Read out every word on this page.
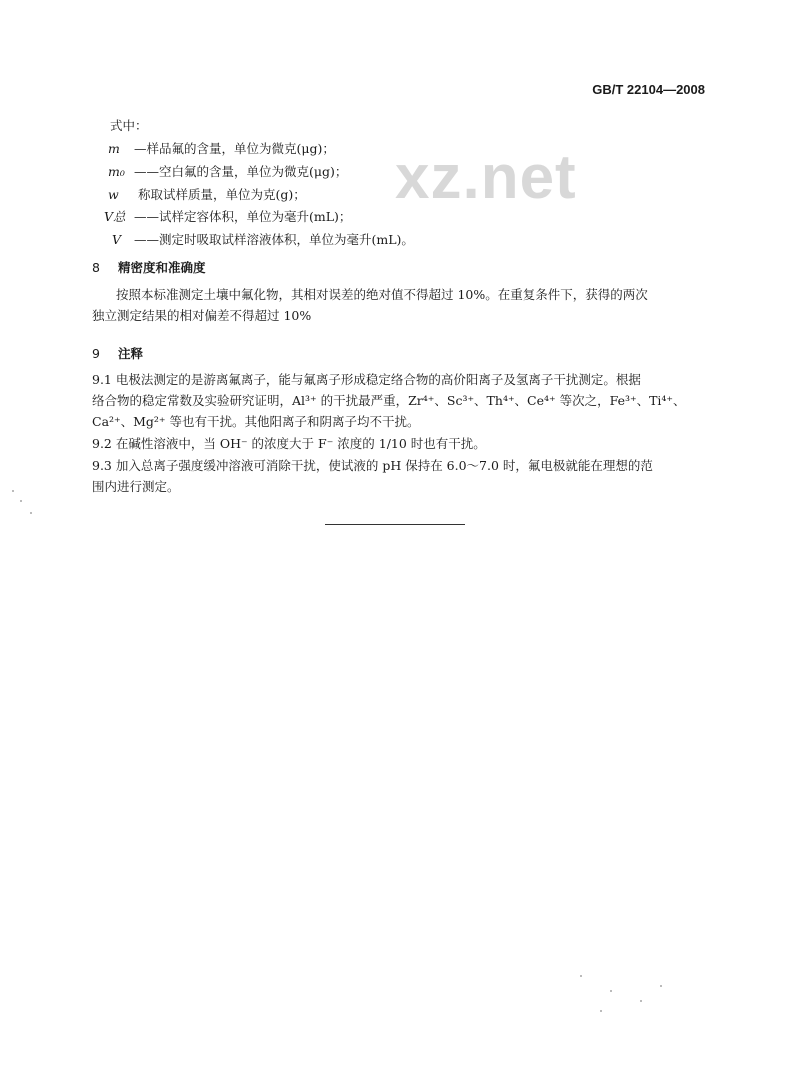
GB/T 22104—2008
xz.net
式中：
m —样品氟的含量，单位为微克(μg)；
m₀ ——空白氟的含量，单位为微克(μg)；
w 称取试样质量，单位为克(g)；
V总 ——试样定容体积，单位为毫升(mL)；
V ——测定时吸取试样溶液体积，单位为毫升(mL)。
8 精密度和准确度
按照本标准测定土壤中氟化物，其相对误差的绝对值不得超过 10%。在重复条件下，获得的两次
独立测定结果的相对偏差不得超过 10%
9 注释
9.1 电极法测定的是游离氟离子，能与氟离子形成稳定络合物的高价阳离子及氢离子干扰测定。根据
络合物的稳定常数及实验研究证明，Al³⁺ 的干扰最严重，Zr⁴⁺、Sc³⁺、Th⁴⁺、Ce⁴⁺ 等次之，Fe³⁺、Ti⁴⁺、
Ca²⁺、Mg²⁺ 等也有干扰。其他阳离子和阴离子均不干扰。
9.2 在碱性溶液中，当 OH⁻ 的浓度大于 F⁻ 浓度的 1/10 时也有干扰。
9.3 加入总离子强度缓冲溶液可消除干扰，使试液的 pH 保持在 6.0～7.0 时，氟电极就能在理想的范
围内进行测定。
